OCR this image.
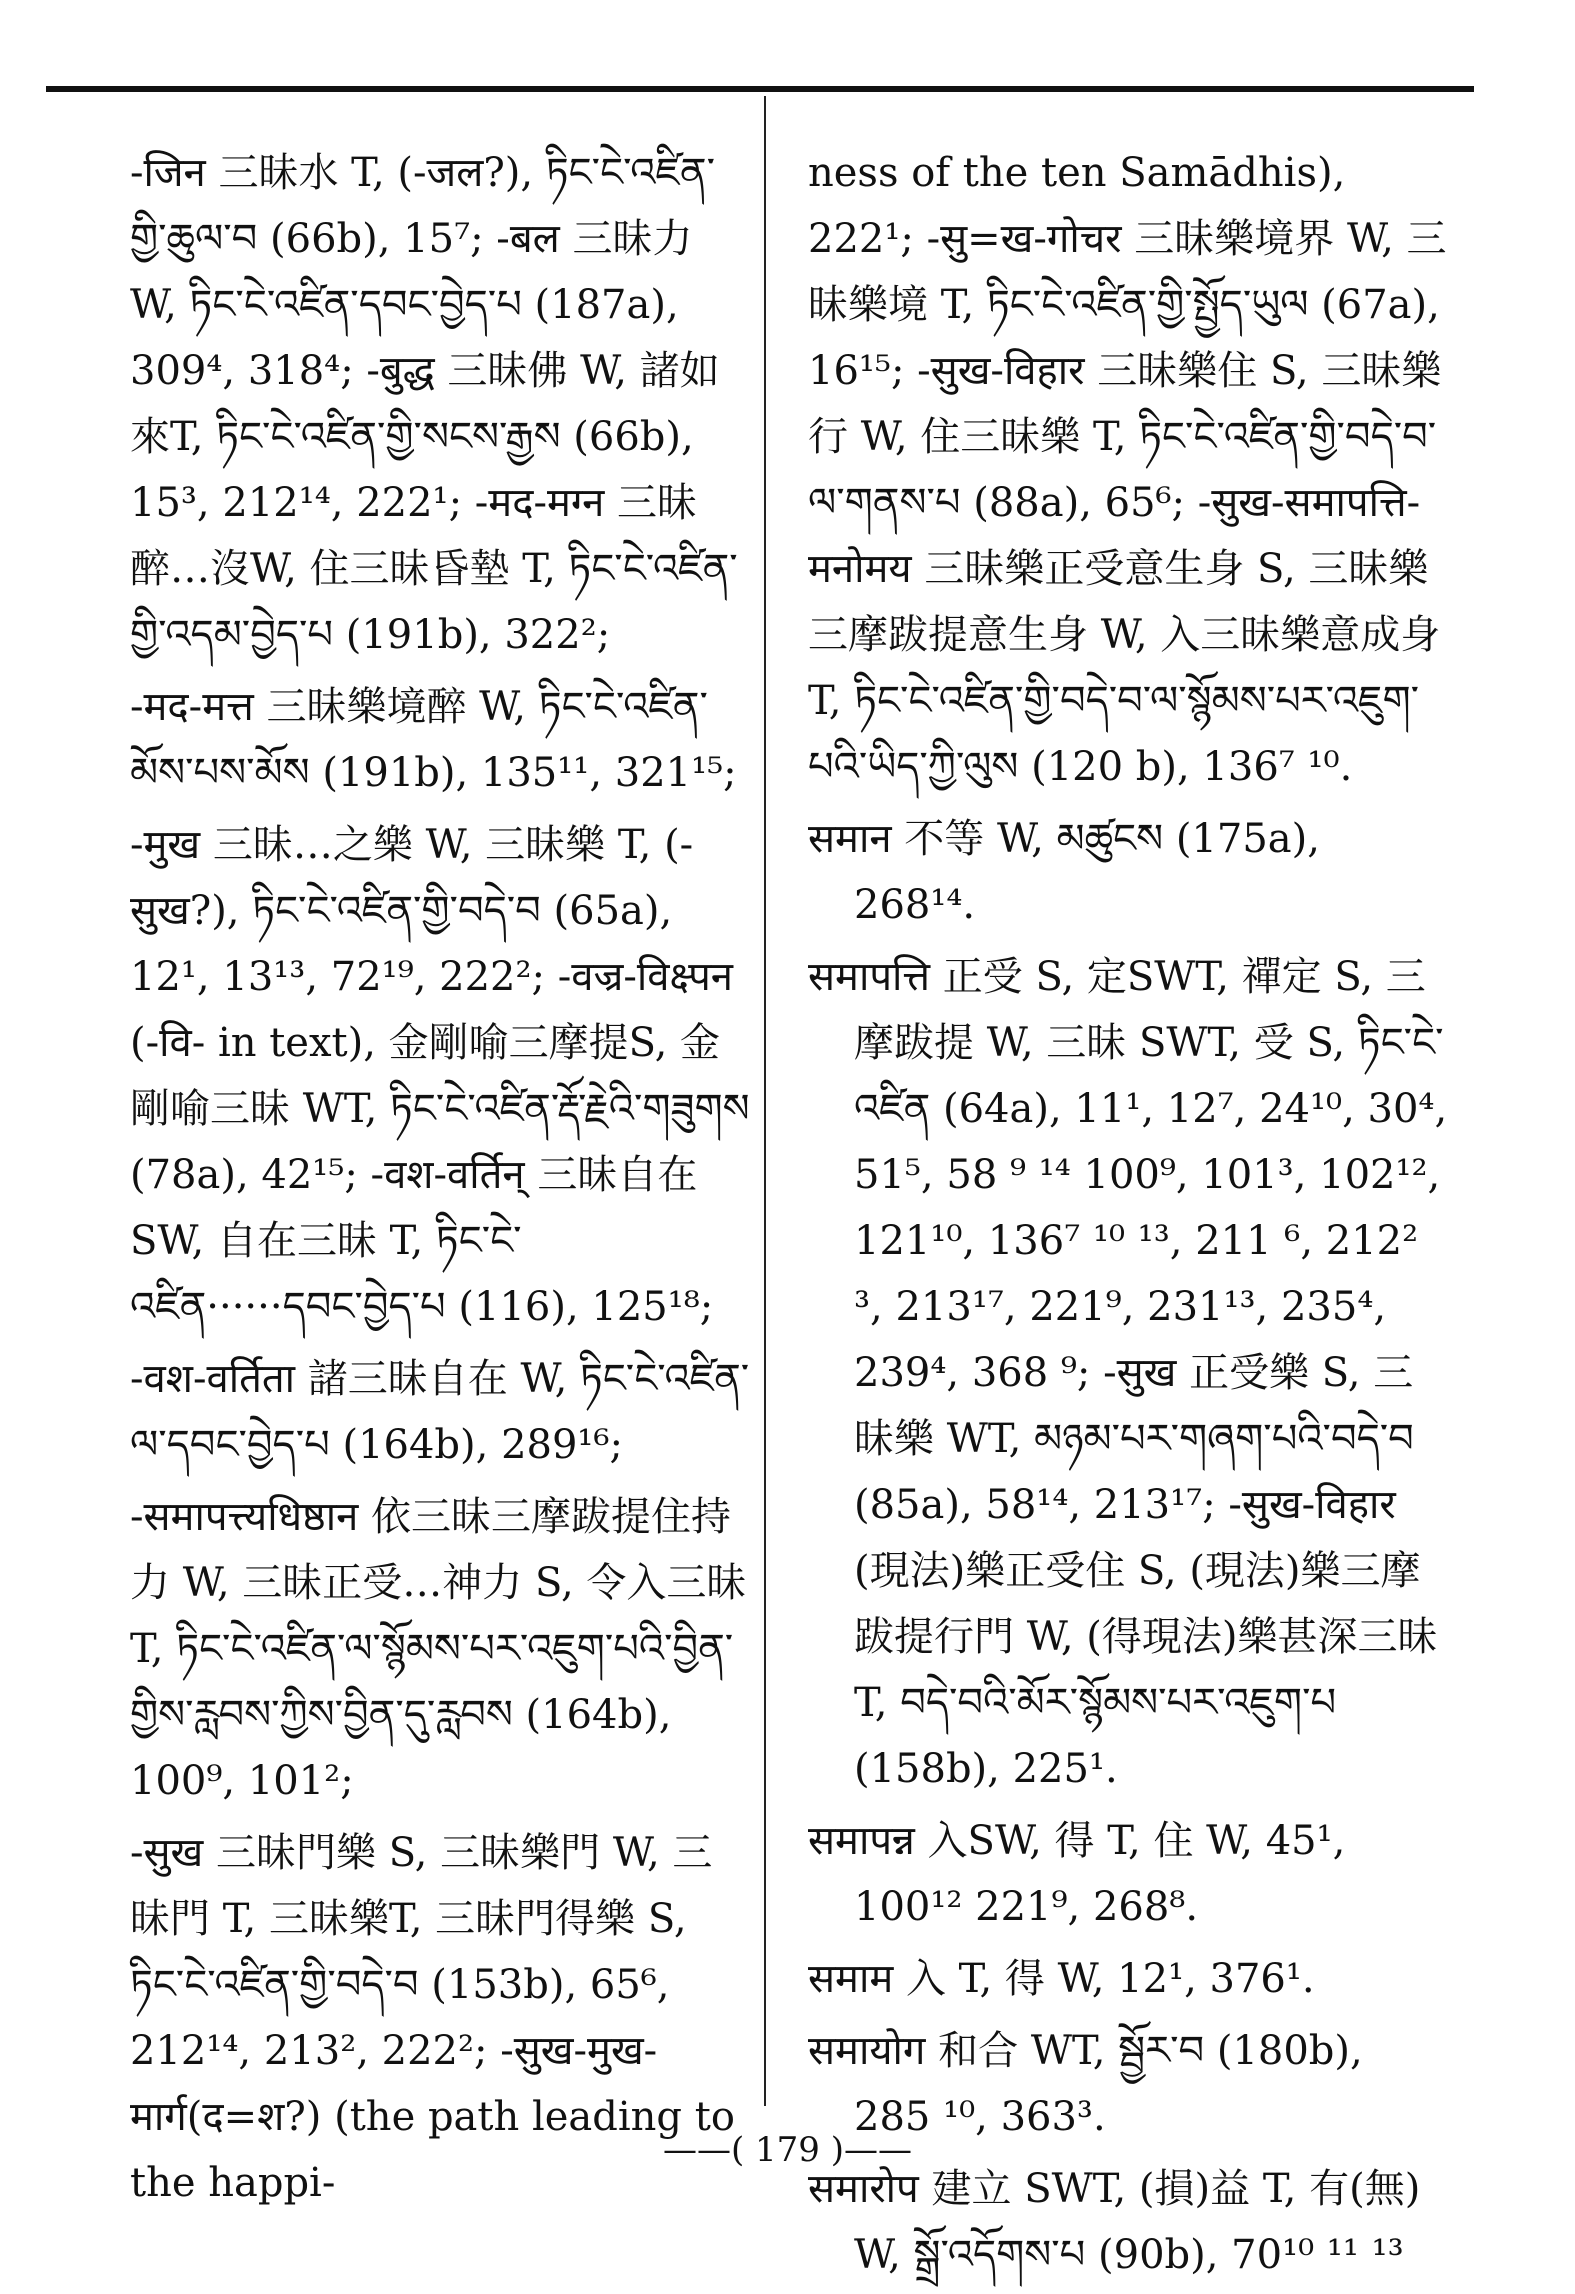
-जिन 三昧水 T, (-जल?), ཏིང་ངེ་འཛིན་གྱི་ཆུལ་བ (66b), 15⁷; -बल 三昧力 W, ཏིང་ངེ་འཛིན་དབང་བྱེད་པ (187a), 309⁴, 318⁴; -बुद्ध 三昧佛 W, 諸如來T, ཏིང་ངེ་འཛིན་གྱི་སངས་རྒྱས (66b), 15³, 212¹⁴, 222¹; -मद-मग्न 三昧醉…沒W, 住三昧昏墊 T, ཏིང་ངེ་འཛིན་གྱི་འདམ་བྱེད་པ (191b), 322²;

-मद-मत्त 三昧樂境醉 W, ཏིང་ངེ་འཛིན་མོས་པས་མོས (191b), 135¹¹, 321¹⁵;

-मुख 三昧…之樂 W, 三昧樂 T, (-सुख?), ཏིང་ངེ་འཛིན་གྱི་བདེ་བ (65a), 12¹, 13¹³, 72¹⁹, 222²; -वज्र-विक्ष्पन (-वि- in text), 金剛喻三摩提S, 金剛喻三昧 WT, ཏིང་ངེ་འཛིན་རྡོ་རྗེའི་གཟུགས (78a), 42¹⁵; -वश-वर्तिन् 三昧自在 SW, 自在三昧 T, ཏིང་ངེ་འཛིན······དབང་བྱེད་པ (116), 125¹⁸;

-वश-वर्तिता 諸三昧自在 W, ཏིང་ངེ་འཛིན་ལ་དབང་བྱེད་པ (164b), 289¹⁶;

-समापत्त्यधिष्ठान 依三昧三摩跋提住持力 W, 三昧正受…神力 S, 令入三昧 T, ཏིང་ངེ་འཛིན་ལ་སྙོམས་པར་འཇུག་པའི་བྱིན་གྱིས་རླབས་ཀྱིས་བྱིན་དུ་རླབས (164b), 100⁹, 101²;

-सुख 三昧門樂 S, 三昧樂門 W, 三昧門 T, 三昧樂T, 三昧門得樂 S, ཏིང་ངེ་འཛིན་གྱི་བདེ་བ (153b), 65⁶, 212¹⁴, 213², 222²; -सुख-मुख-मार्ग(द=श?) (the path leading to the happi-

ness of the ten Samādhis), 222¹; -सु=ख-गोचर 三昧樂境界 W, 三昧樂境 T, ཏིང་ངེ་འཛིན་གྱི་སྤྱོད་ཡུལ (67a), 16¹⁵; -सुख-विहार 三昧樂住 S, 三昧樂行 W, 住三昧樂 T, ཏིང་ངེ་འཛིན་གྱི་བདེ་བ་ལ་གནས་པ (88a), 65⁶; -सुख-समापत्ति-मनोमय 三昧樂正受意生身 S, 三昧樂三摩跋提意生身 W, 入三昧樂意成身 T, ཏིང་ངེ་འཛིན་གྱི་བདེ་བ་ལ་སྙོམས་པར་འཇུག་པའི་ཡིད་ཀྱི་ལུས (120 b), 136⁷ ¹⁰.

समान 不等 W, མཚུངས (175a), 268¹⁴.

समापत्ति 正受 S, 定SWT, 禪定 S, 三摩跋提 W, 三昧 SWT, 受 S, ཏིང་ངེ་འཛིན (64a), 11¹, 12⁷, 24¹⁰, 30⁴, 51⁵, 58 ⁹ ¹⁴ 100⁹, 101³, 102¹², 121¹⁰, 136⁷ ¹⁰ ¹³, 211 ⁶, 212² ³, 213¹⁷, 221⁹, 231¹³, 235⁴, 239⁴, 368 ⁹; -सुख 正受樂 S, 三昧樂 WT, མཉམ་པར་གཞག་པའི་བདེ་བ (85a), 58¹⁴, 213¹⁷; -सुख-विहार (現法)樂正受住 S, (現法)樂三摩跋提行門 W, (得現法)樂甚深三昧 T, བདེ་བའི་མོར་སྙོམས་པར་འཇུག་པ (158b), 225¹.

समापन्न 入SW, 得 T, 住 W, 45¹, 100¹² 221⁹, 268⁸.

समाम 入 T, 得 W, 12¹, 376¹.

समायोग 和合 WT, སྦྱོར་བ (180b), 285 ¹⁰, 363³.

समारोप 建立 SWT, (損)益 T, 有(無) W, སྒྲོ་འདོགས་པ (90b), 70¹⁰ ¹¹ ¹³

——( 179 )——
